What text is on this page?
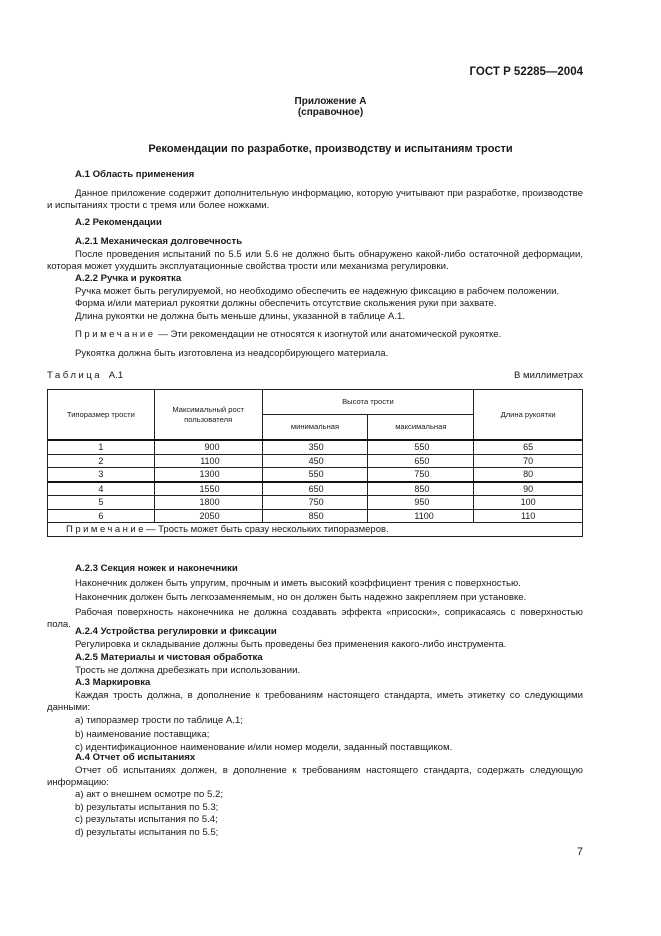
ГОСТ Р 52285—2004
Приложение А
(справочное)
Рекомендации по разработке, производству и испытаниям трости

А.1 Область применения

Данное приложение содержит дополнительную информацию, которую учитывают при разработке, производстве и испытаниях трости с тремя или более ножками.

А.2 Рекомендации

А.2.1 Механическая долговечность

После проведения испытаний по 5.5 или 5.6 не должно быть обнаружено какой-либо остаточной деформации, которая может ухудшить эксплуатационные свойства трости или механизма регулировки.

А.2.2 Ручка и рукоятка

Ручка может быть регулируемой, но необходимо обеспечить ее надежную фиксацию в рабочем положении.

Форма и/или материал рукоятки должны обеспечить отсутствие скольжения руки при захвате.

Длина рукоятки не должна быть меньше длины, указанной в таблице А.1.

Примечание — Эти рекомендации не относятся к изогнутой или анатомической рукоятке.

Рукоятка должна быть изготовлена из неадсорбирующего материала.

Таблица А.1	В миллиметрах
Типоразмер трости	Максимальный рост пользователя	Высота трости		Длина рукоятки
		минимальная	максимальная	
1	900	350	550	65
2	1100	450	650	70
3	1300	550	750	80
4	1550	650	850	90
5	1800	750	950	100
6	2050	850	1100	110
Примечание— Трость может быть сразу нескольких типоразмеров.				

А.2.3 Секция ножек и наконечники

Наконечник должен быть упругим, прочным и иметь высокий коэффициент трения с поверхностью.

Наконечник должен быть легкозаменяемым, но он должен быть надежно закрепляем при установке.

Рабочая поверхность наконечника не должна создавать эффекта «присоски», соприкасаясь с поверхностью пола.

А.2.4 Устройства регулировки и фиксации

Регулировка и складывание должны быть проведены без применения какого-либо инструмента.

А.2.5 Материалы и чистовая обработка

Трость не должна дребезжать при использовании.

А.3 Маркировка

Каждая трость должна, в дополнение к требованиям настоящего стандарта, иметь этикетку со следующими данными:

a) типоразмер трости по таблице А.1;

b) наименование поставщика;

c) идентификационное наименование и/или номер модели, заданный поставщиком.

А.4 Отчет об испытаниях

Отчет об испытаниях должен, в дополнение к требованиям настоящего стандарта, содержать следующую информацию:

a) акт о внешнем осмотре по 5.2;

b) результаты испытания по 5.3;

c) результаты испытания по 5.4;

d) результаты испытания по 5.5;

7
